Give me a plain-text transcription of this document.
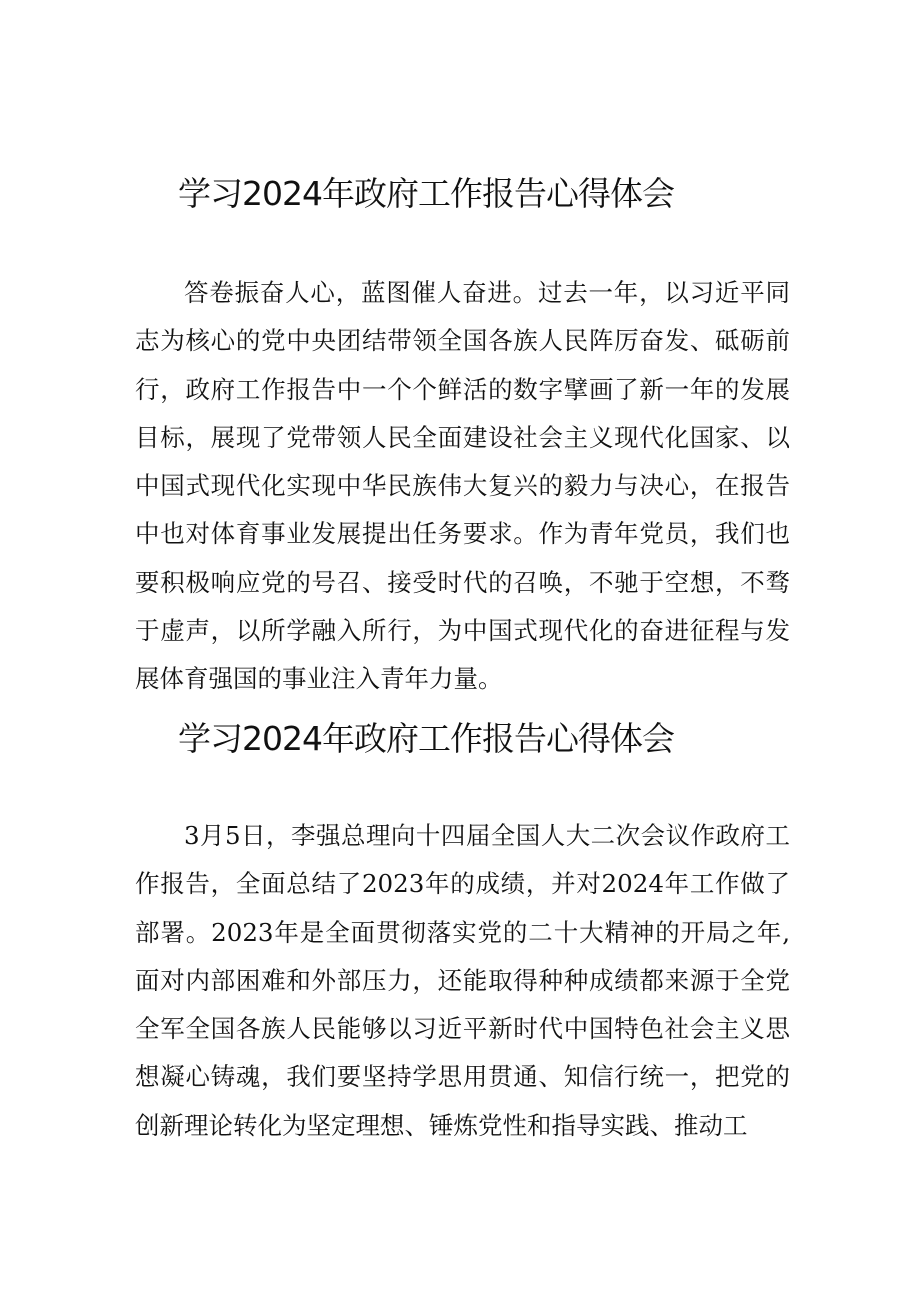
学习2024年政府工作报告心得体会

答卷振奋人心，蓝图催人奋进。过去一年，以习近平同志为核心的党中央团结带领全国各族人民阵厉奋发、砥砺前行，政府工作报告中一个个鲜活的数字擘画了新一年的发展目标，展现了党带领人民全面建设社会主义现代化国家、以中国式现代化实现中华民族伟大复兴的毅力与决心，在报告中也对体育事业发展提出任务要求。作为青年党员，我们也要积极响应党的号召、接受时代的召唤，不驰于空想，不骛于虚声，以所学融入所行，为中国式现代化的奋进征程与发展体育强国的事业注入青年力量。

学习2024年政府工作报告心得体会

3月5日，李强总理向十四届全国人大二次会议作政府工作报告，全面总结了2023年的成绩，并对2024年工作做了部署。2023年是全面贯彻落实党的二十大精神的开局之年,面对内部困难和外部压力，还能取得种种成绩都来源于全党全军全国各族人民能够以习近平新时代中国特色社会主义思想凝心铸魂，我们要坚持学思用贯通、知信行统一，把党的创新理论转化为坚定理想、锤炼党性和指导实践、推动工
